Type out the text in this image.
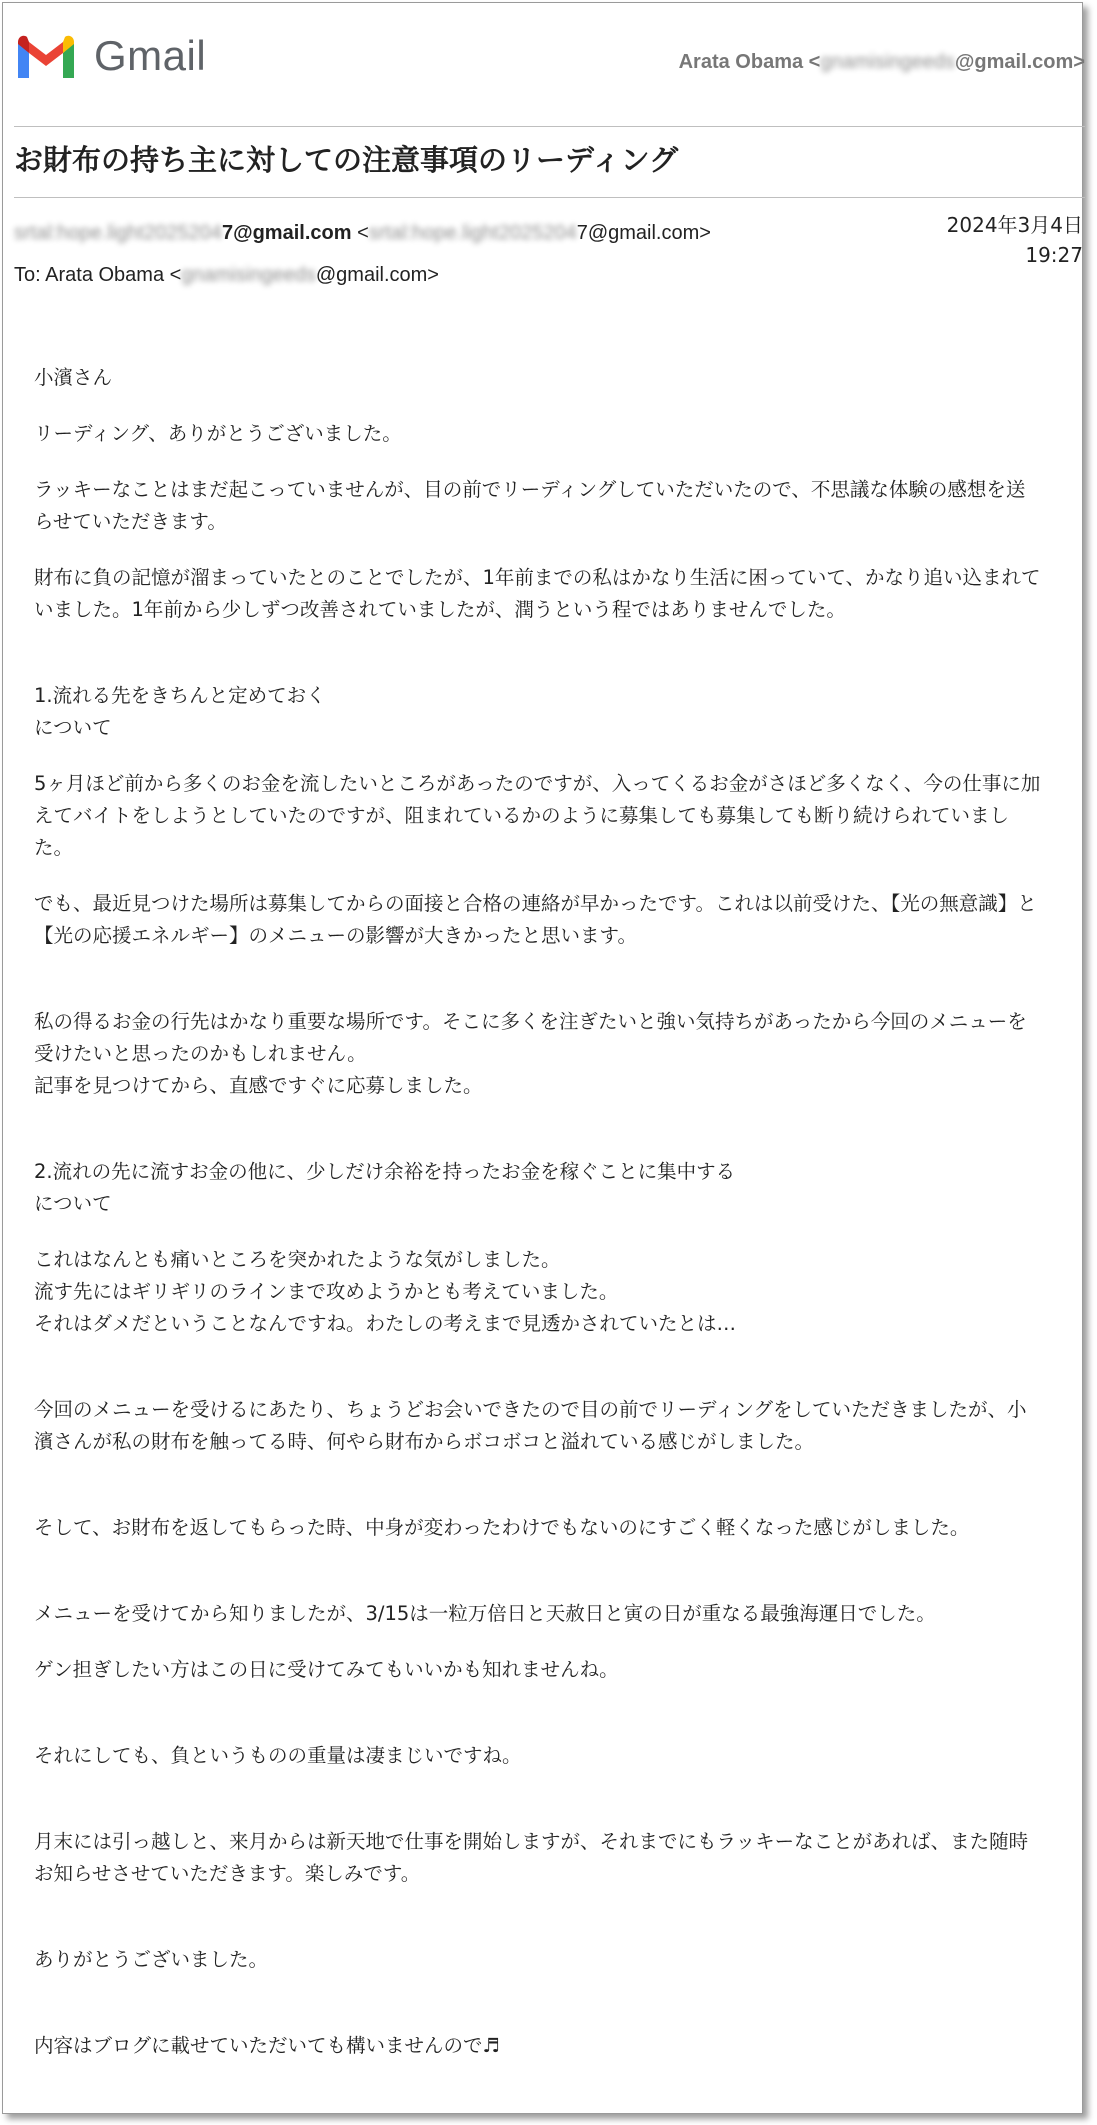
Gmail	Arata Obama <gnamisingeeds@gmail.com>
お財布の持ち主に対しての注意事項のリーディング
srtal:hope.light20252047@gmail.com <srtal:hope.light20252047@gmail.com>	2024年3月4日
19:27
To: Arata Obama <gnamisingeeds@gmail.com>

小濱さん

リーディング、ありがとうございました。

ラッキーなことはまだ起こっていませんが、目の前でリーディングしていただいたので、不思議な体験の感想を送らせていただきます。

財布に負の記憶が溜まっていたとのことでしたが、1年前までの私はかなり生活に困っていて、かなり追い込まれていました。1年前から少しずつ改善されていましたが、潤うという程ではありませんでした。

1.流れる先をきちんと定めておく
について

5ヶ月ほど前から多くのお金を流したいところがあったのですが、入ってくるお金がさほど多くなく、今の仕事に加えてバイトをしようとしていたのですが、阻まれているかのように募集しても募集しても断り続けられていました。

でも、最近見つけた場所は募集してからの面接と合格の連絡が早かったです。これは以前受けた、【光の無意識】と【光の応援エネルギー】のメニューの影響が大きかったと思います。

私の得るお金の行先はかなり重要な場所です。そこに多くを注ぎたいと強い気持ちがあったから今回のメニューを受けたいと思ったのかもしれません。
記事を見つけてから、直感ですぐに応募しました。

2.流れの先に流すお金の他に、少しだけ余裕を持ったお金を稼ぐことに集中する
について

これはなんとも痛いところを突かれたような気がしました。
流す先にはギリギリのラインまで攻めようかとも考えていました。
それはダメだということなんですね。わたしの考えまで見透かされていたとは…

今回のメニューを受けるにあたり、ちょうどお会いできたので目の前でリーディングをしていただきましたが、小濱さんが私の財布を触ってる時、何やら財布からボコボコと溢れている感じがしました。

そして、お財布を返してもらった時、中身が変わったわけでもないのにすごく軽くなった感じがしました。

メニューを受けてから知りましたが、3/15は一粒万倍日と天赦日と寅の日が重なる最強海運日でした。

ゲン担ぎしたい方はこの日に受けてみてもいいかも知れませんね。

それにしても、負というものの重量は凄まじいですね。

月末には引っ越しと、来月からは新天地で仕事を開始しますが、それまでにもラッキーなことがあれば、また随時お知らせさせていただきます。楽しみです。

ありがとうございました。

内容はブログに載せていただいても構いませんので♬
